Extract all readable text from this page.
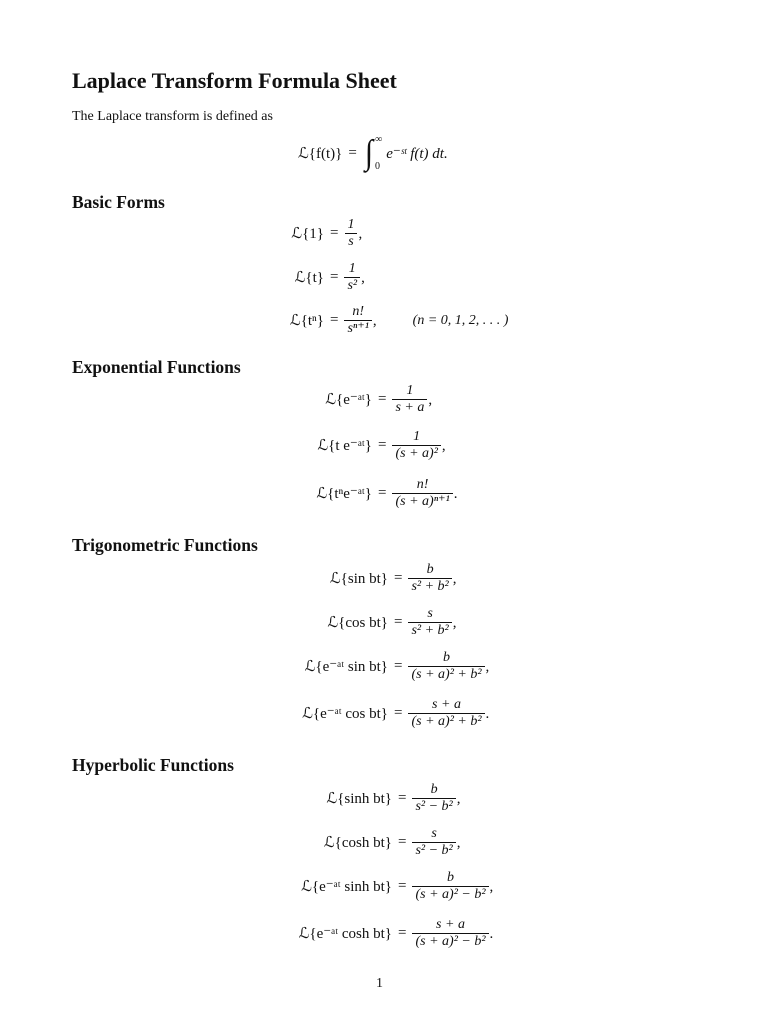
Laplace Transform Formula Sheet
The Laplace transform is defined as
ℒ{f(t)} = ∫ ∞
0
e⁻ˢᵗ f(t) dt.
Basic Forms
ℒ{1} = $\frac{1}{s}$ ,
ℒ{t} = $\frac{1}{\text{s²}}$ ,
ℒ{tⁿ} = $\frac{n!}{\text{sⁿ⁺¹}}$ ,	(n = 0, 1, 2, . . . )
Exponential Functions
ℒ{e⁻ᵃᵗ} = $\frac{1}{s + a}$ ,
ℒ{t e⁻ᵃᵗ} = $\frac{1}{\text{(s + a)²}}$ ,
ℒ{tⁿe⁻ᵃᵗ} = $\frac{n!}{\text{(s + a)ⁿ⁺¹}}$ .
Trigonometric Functions
ℒ{sin $bt\} = \frac{b}{\text{s² + b²}}$ ,
ℒ{cos $bt\} = \frac{s}{\text{s² + b²}}$ ,
ℒ{e⁻ᵃᵗ $\sin bt\} = \frac{b}{\text{(s + a)² + b²}}$ ,
ℒ{e⁻ᵃᵗ $\cos bt\} = \frac{s + a}{\text{(s + a)² + b²}}$ .
Hyperbolic Functions
ℒ{sinh $bt\} = \frac{b}{\text{s² − b²}}$ ,
ℒ{cosh $bt\} = \frac{s}{\text{s² − b²}}$ ,
ℒ{e⁻ᵃᵗ $\sinh bt\} = \frac{b}{\text{(s + a)² − b²}}$ ,
ℒ{e⁻ᵃᵗ $\cosh bt\} = \frac{s + a}{\text{(s + a)² − b²}}$ .
1
